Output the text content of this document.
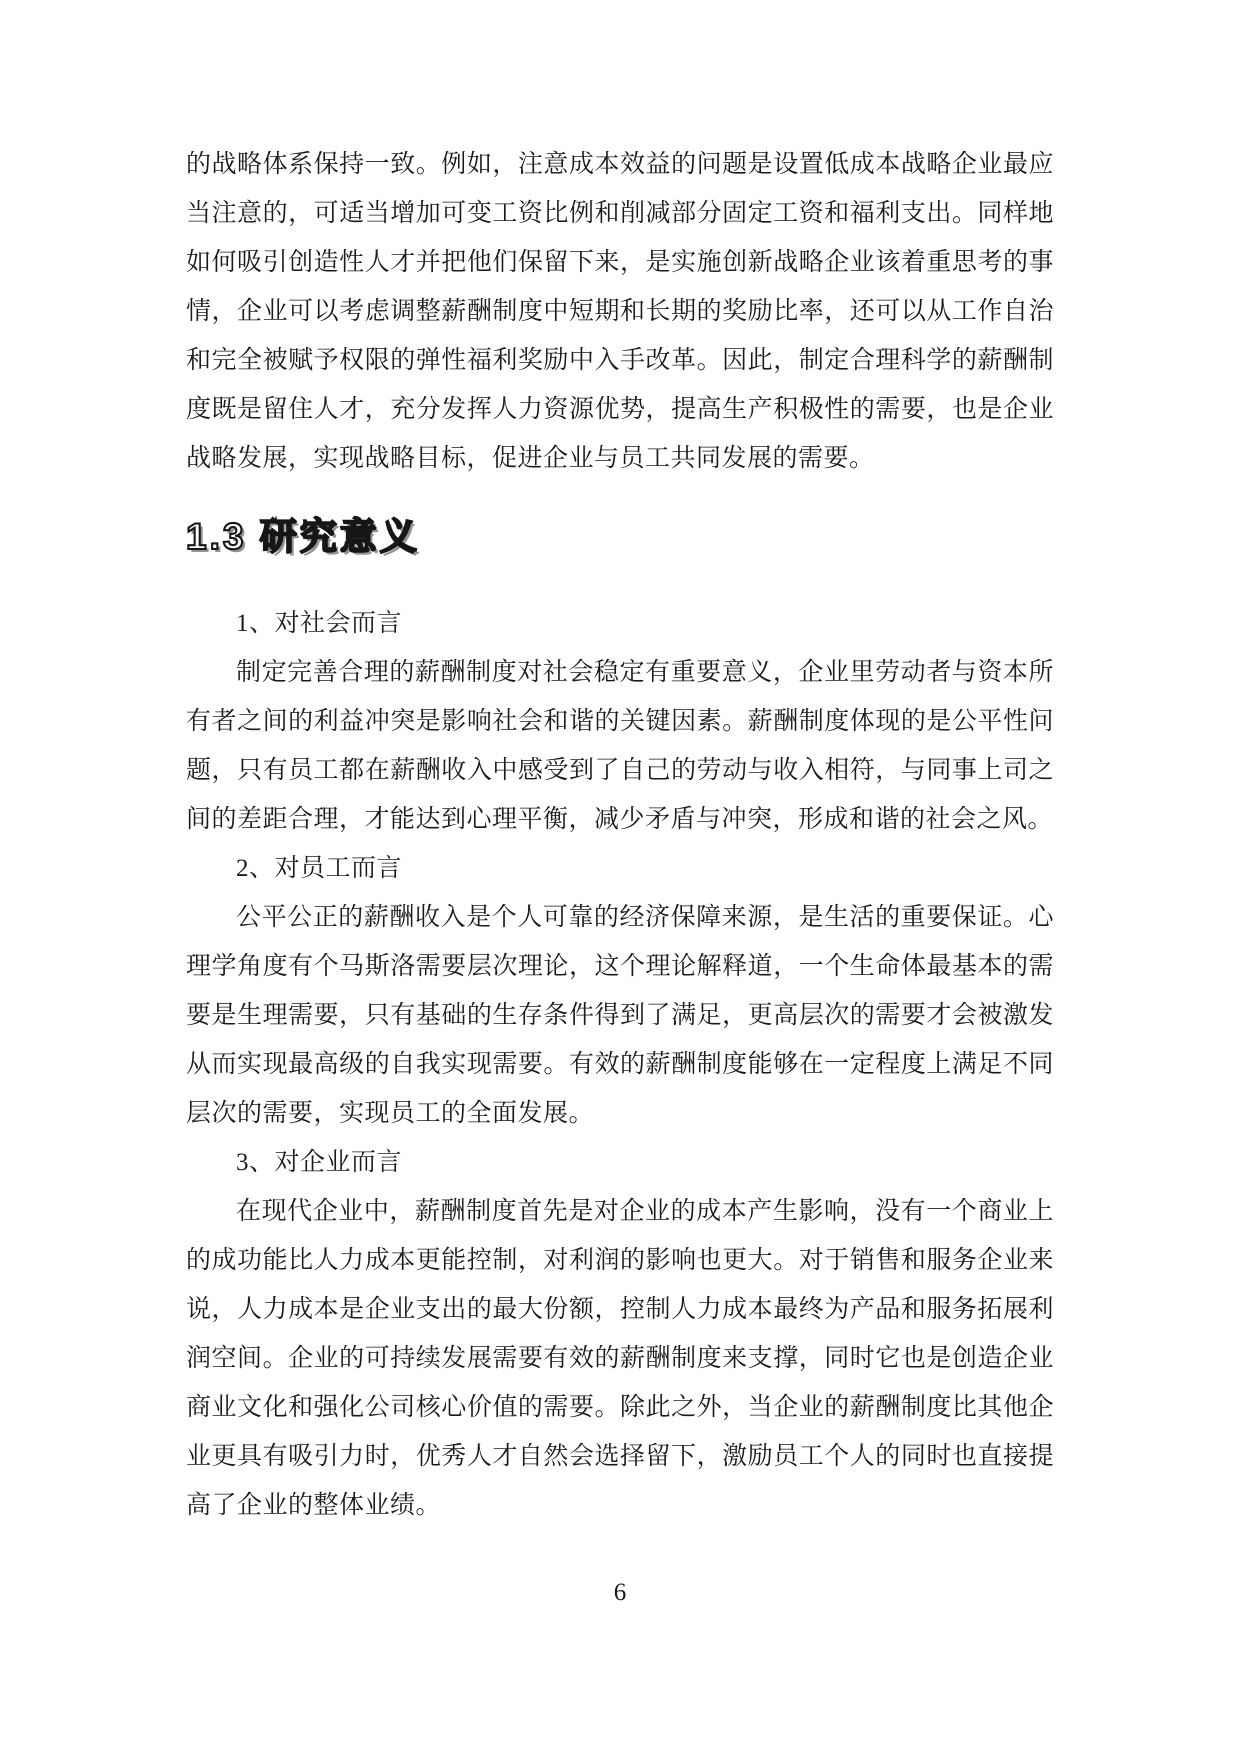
的战略体系保持一致。例如，注意成本效益的问题是设置低成本战略企业最应当注意的，可适当增加可变工资比例和削减部分固定工资和福利支出。同样地如何吸引创造性人才并把他们保留下来，是实施创新战略企业该着重思考的事情，企业可以考虑调整薪酬制度中短期和长期的奖励比率，还可以从工作自治和完全被赋予权限的弹性福利奖励中入手改革。因此，制定合理科学的薪酬制度既是留住人才，充分发挥人力资源优势，提高生产积极性的需要，也是企业战略发展，实现战略目标，促进企业与员工共同发展的需要。

1.3 研究意义

1、对社会而言

制定完善合理的薪酬制度对社会稳定有重要意义，企业里劳动者与资本所有者之间的利益冲突是影响社会和谐的关键因素。薪酬制度体现的是公平性问题，只有员工都在薪酬收入中感受到了自己的劳动与收入相符，与同事上司之间的差距合理，才能达到心理平衡，减少矛盾与冲突，形成和谐的社会之风。

2、对员工而言

公平公正的薪酬收入是个人可靠的经济保障来源，是生活的重要保证。心理学角度有个马斯洛需要层次理论，这个理论解释道，一个生命体最基本的需要是生理需要，只有基础的生存条件得到了满足，更高层次的需要才会被激发从而实现最高级的自我实现需要。有效的薪酬制度能够在一定程度上满足不同层次的需要，实现员工的全面发展。

3、对企业而言

在现代企业中，薪酬制度首先是对企业的成本产生影响，没有一个商业上的成功能比人力成本更能控制，对利润的影响也更大。对于销售和服务企业来说，人力成本是企业支出的最大份额，控制人力成本最终为产品和服务拓展利润空间。企业的可持续发展需要有效的薪酬制度来支撑，同时它也是创造企业商业文化和强化公司核心价值的需要。除此之外，当企业的薪酬制度比其他企业更具有吸引力时，优秀人才自然会选择留下，激励员工个人的同时也直接提高了企业的整体业绩。

6
